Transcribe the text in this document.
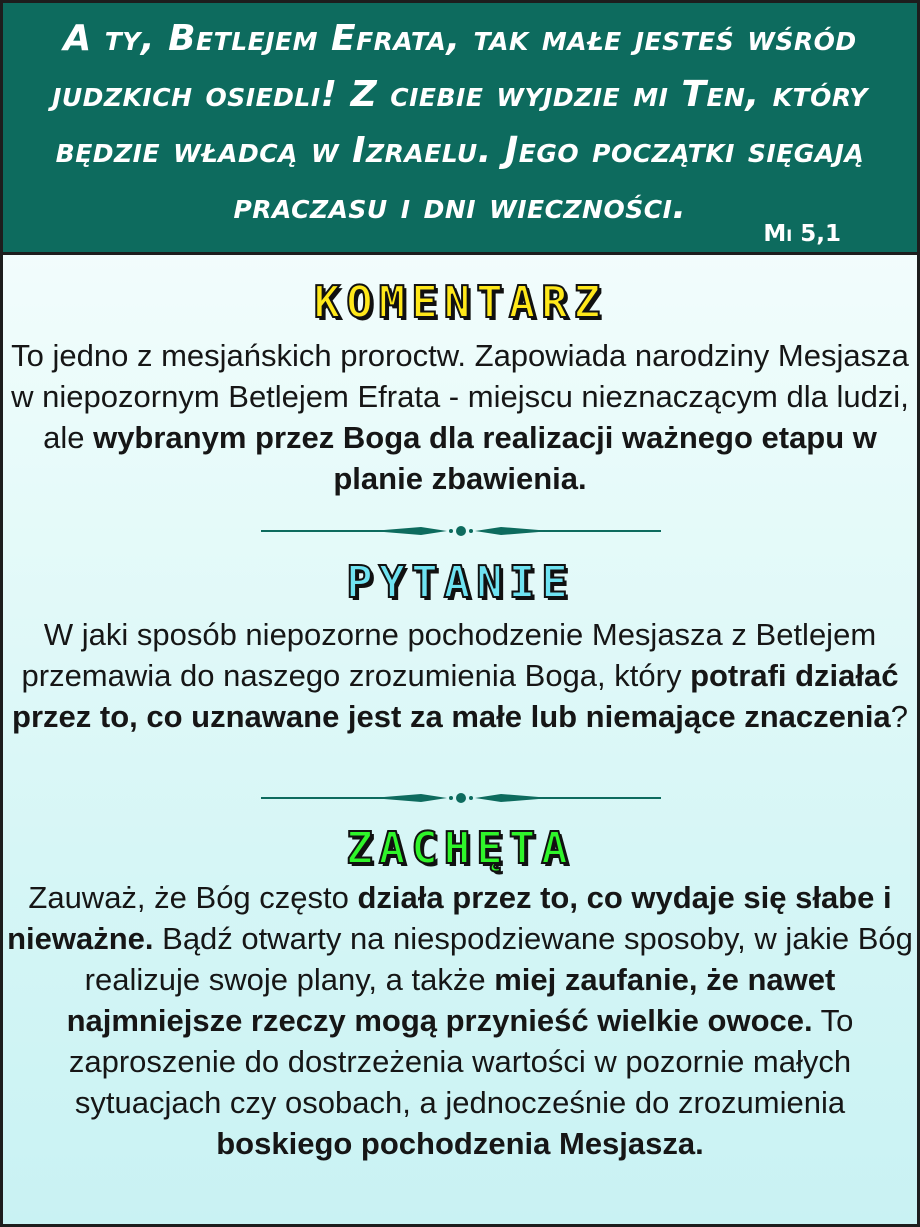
A ty, Betlejem Efrata, tak małe jesteś wśród judzkich osiedli! Z ciebie wyjdzie mi Ten, który będzie władcą w Izraelu. Jego początki sięgają praczasu i dni wieczności.

Mi 5,1
KOMENTARZ

To jedno z mesjańskich proroctw. Zapowiada narodziny Mesjasza w niepozornym Betlejem Efrata - miejscu nieznaczącym dla ludzi, ale wybranym przez Boga dla realizacji ważnego etapu w planie zbawienia.

PYTANIE

W jaki sposób niepozorne pochodzenie Mesjasza z Betlejem przemawia do naszego zrozumienia Boga, który potrafi działać przez to, co uznawane jest za małe lub niemające znaczenia?

ZACHĘTA

Zauważ, że Bóg często działa przez to, co wydaje się słabe i nieważne. Bądź otwarty na niespodziewane sposoby, w jakie Bóg realizuje swoje plany, a także miej zaufanie, że nawet najmniejsze rzeczy mogą przynieść wielkie owoce. To zaproszenie do dostrzeżenia wartości w pozornie małych sytuacjach czy osobach, a jednocześnie do zrozumienia boskiego pochodzenia Mesjasza.
